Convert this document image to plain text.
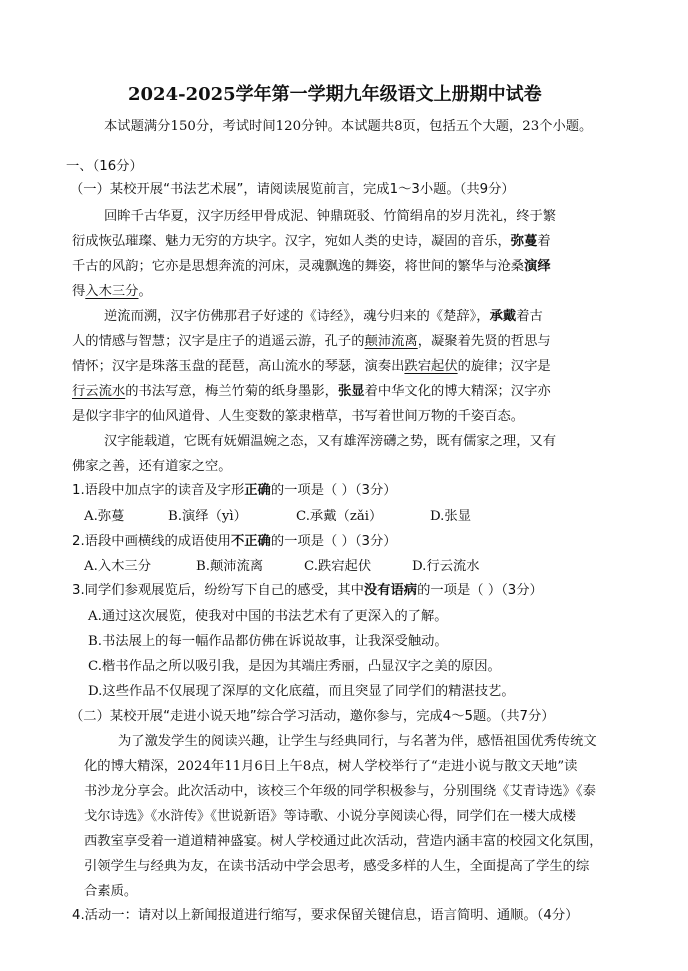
2024-2025学年第一学期九年级语文上册期中试卷
本试题满分150分，考试时间120分钟。本试题共8页，包括五个大题，23个小题。
一、（16分）
（一）某校开展“书法艺术展”，请阅读展览前言，完成1～3小题。（共9分）
回眸千古华夏，汉字历经甲骨成泥、钟鼎斑驳、竹简绢帛的岁月洗礼，终于繁
衍成恢弘璀璨、魅力无穷的方块字。汉字，宛如人类的史诗，凝固的音乐，弥蔓着
千古的风韵；它亦是思想奔流的河床，灵魂飘逸的舞姿，将世间的繁华与沧桑演绎
得入木三分。
逆流而溯，汉字仿佛那君子好逑的《诗经》，魂兮归来的《楚辞》，承戴着古
人的情感与智慧；汉字是庄子的逍遥云游，孔子的颠沛流离，凝聚着先贤的哲思与
情怀；汉字是珠落玉盘的琵琶，高山流水的琴瑟，演奏出跌宕起伏的旋律；汉字是
行云流水的书法写意，梅兰竹菊的纸身墨影，张显着中华文化的博大精深；汉字亦
是似字非字的仙风道骨、人生变数的篆隶楷草，书写着世间万物的千姿百态。
汉字能载道，它既有妩媚温婉之态，又有雄浑滂礴之势，既有儒家之理，又有
佛家之善，还有道家之空。
1.语段中加点字的读音及字形正确的一项是（ ）（3分）
A.弥蔓	B.演绎（yì）	C.承戴（zǎi）	D.张显
2.语段中画横线的成语使用不正确的一项是（ ）（3分）
A.入木三分	B.颠沛流离	C.跌宕起伏	D.行云流水
3.同学们参观展览后，纷纷写下自己的感受，其中没有语病的一项是（ ）（3分）
A.通过这次展览，使我对中国的书法艺术有了更深入的了解。
B.书法展上的每一幅作品都仿佛在诉说故事，让我深受触动。
C.楷书作品之所以吸引我，是因为其端庄秀丽，凸显汉字之美的原因。
D.这些作品不仅展现了深厚的文化底蕴，而且突显了同学们的精湛技艺。
（二）某校开展“走进小说天地”综合学习活动，邀你参与，完成4～5题。（共7分）
为了激发学生的阅读兴趣，让学生与经典同行，与名著为伴，感悟祖国优秀传统文
化的博大精深，2024年11月6日上午8点，树人学校举行了“走进小说与散文天地”读
书沙龙分享会。此次活动中，该校三个年级的同学积极参与，分别围绕《艾青诗选》《泰
戈尔诗选》《水浒传》《世说新语》等诗歌、小说分享阅读心得，同学们在一楼大成楼
西教室享受着一道道精神盛宴。树人学校通过此次活动，营造内涵丰富的校园文化氛围，
引领学生与经典为友，在读书活动中学会思考，感受多样的人生，全面提高了学生的综
合素质。
4.活动一：请对以上新闻报道进行缩写，要求保留关键信息，语言简明、通顺。（4分）
